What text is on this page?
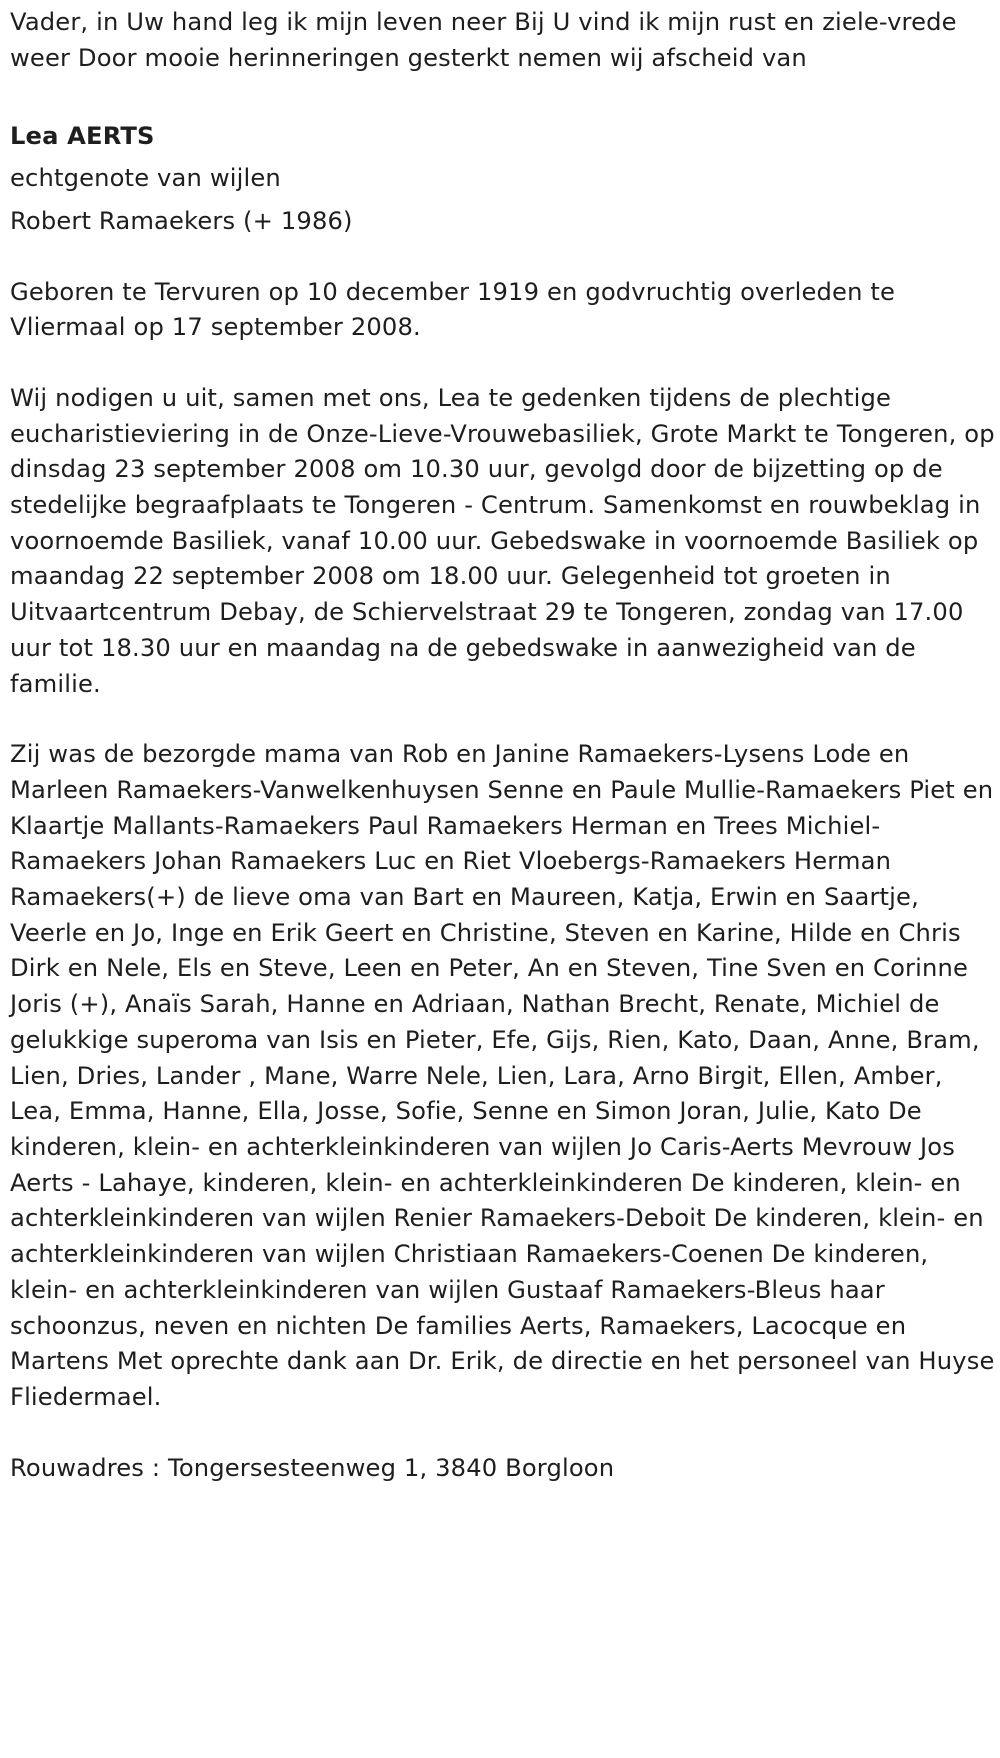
Vader, in Uw hand leg ik mijn leven neer Bij U vind ik mijn rust en ziele-vrede weer Door mooie herinneringen gesterkt nemen wij afscheid van

Lea AERTS

echtgenote van wijlen

Robert Ramaekers (+ 1986)

Geboren te Tervuren op 10 december 1919 en godvruchtig overleden te Vliermaal op 17 september 2008.

Wij nodigen u uit, samen met ons, Lea te gedenken tijdens de plechtige eucharistieviering in de Onze-Lieve-Vrouwebasiliek, Grote Markt te Tongeren, op dinsdag 23 september 2008 om 10.30 uur, gevolgd door de bijzetting op de stedelijke begraafplaats te Tongeren - Centrum. Samenkomst en rouwbeklag in voornoemde Basiliek, vanaf 10.00 uur. Gebedswake in voornoemde Basiliek op maandag 22 september 2008 om 18.00 uur. Gelegenheid tot groeten in Uitvaartcentrum Debay, de Schiervelstraat 29 te Tongeren, zondag van 17.00 uur tot 18.30 uur en maandag na de gebedswake in aanwezigheid van de familie.

Zij was de bezorgde mama van Rob en Janine Ramaekers-Lysens Lode en Marleen Ramaekers-Vanwelkenhuysen Senne en Paule Mullie-Ramaekers Piet en Klaartje Mallants-Ramaekers Paul Ramaekers Herman en Trees Michiel-Ramaekers Johan Ramaekers Luc en Riet Vloebergs-Ramaekers Herman Ramaekers(+) de lieve oma van Bart en Maureen, Katja, Erwin en Saartje, Veerle en Jo, Inge en Erik Geert en Christine, Steven en Karine, Hilde en Chris Dirk en Nele, Els en Steve, Leen en Peter, An en Steven, Tine Sven en Corinne Joris (+), Anaïs Sarah, Hanne en Adriaan, Nathan Brecht, Renate, Michiel de gelukkige superoma van Isis en Pieter, Efe, Gijs, Rien, Kato, Daan, Anne, Bram, Lien, Dries, Lander , Mane, Warre Nele, Lien, Lara, Arno Birgit, Ellen, Amber, Lea, Emma, Hanne, Ella, Josse, Sofie, Senne en Simon Joran, Julie, Kato De kinderen, klein- en achterkleinkinderen van wijlen Jo Caris-Aerts Mevrouw Jos Aerts - Lahaye, kinderen, klein- en achterkleinkinderen De kinderen, klein- en achterkleinkinderen van wijlen Renier Ramaekers-Deboit De kinderen, klein- en achterkleinkinderen van wijlen Christiaan Ramaekers-Coenen De kinderen, klein- en achterkleinkinderen van wijlen Gustaaf Ramaekers-Bleus haar schoonzus, neven en nichten De families Aerts, Ramaekers, Lacocque en Martens Met oprechte dank aan Dr. Erik, de directie en het personeel van Huyse Fliedermael.

Rouwadres : Tongersesteenweg 1, 3840 Borgloon
